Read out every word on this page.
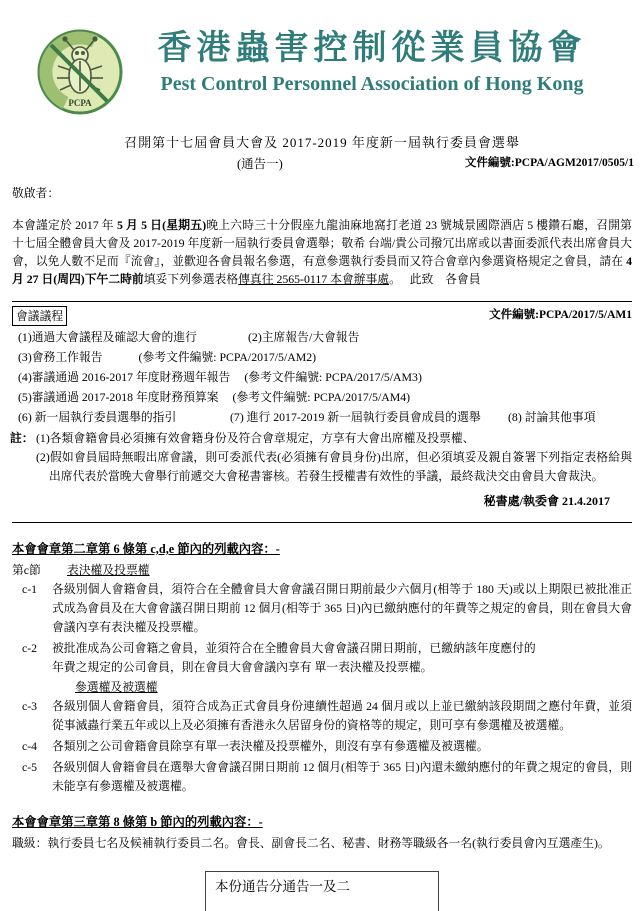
PCPA
香港蟲害控制從業員協會
Pest Control Personnel Association of Hong Kong
召開第十七屆會員大會及 2017-2019 年度新一屆執行委員會選舉
(通告一)	文件編號:PCPA/AGM2017/0505/1
敬啟者：
本會謹定於 2017 年 5 月 5 日(星期五)晚上六時三十分假座九龍油麻地窩打老道 23 號城景國際酒店 5 樓鑽石廳，召開第十七屆全體會員大會及 2017-2019 年度新一屆執行委員會選舉；敬希 台端/貴公司撥冗出席或以書面委派代表出席會員大會，以免人數不足而『流會』，並歡迎各會員報名參選，有意參選執行委員而又符合會章內參選資格規定之會員，請在 4 月 27 日(周四)下午二時前填妥下列參選表格傳真往 2565-0117 本會辦事處。　 此致　各會員
會議議程	文件編號:PCPA/2017/5/AM1
(1)通過大會議程及確認大會的進行	(2)主席報告/大會報告
(3)會務工作報告	(參考文件編號: PCPA/2017/5/AM2)
(4)審議通過 2016-2017 年度財務週年報告 (參考文件編號: PCPA/2017/5/AM3)
(5)審議通過 2017-2018 年度財務預算案 (參考文件編號: PCPA/2017/5/AM4)
(6) 新一屆執行委員選舉的指引	(7) 進行 2017-2019 新一屆執行委員會成員的選舉	(8) 討論其他事項
註： (1)各類會籍會員必須擁有效會籍身份及符合會章規定，方享有大會出席權及投票權、
(2)假如會員屆時無暇出席會議，則可委派代表(必須擁有會員身份)出席，但必須填妥及親自簽署下列指定表格給與出席代表於當晚大會舉行前遞交大會秘書審核。若發生授權書有效性的爭議，最終裁決交由會員大會裁決。
秘書處/執委會 21.4.2017
本會會章第二章第 6 條第 c,d,e 節內的列載內容：-
第c節 表決權及投票權
c-1	各級別個人會籍會員，須符合在全體會員大會會議召開日期前最少六個月(相等于 180 天)或以上期限已被批准正式成為會員及在大會會議召開日期前 12 個月(相等于 365 日)內已繳納應付的年費等之規定的會員，則在會員大會會議內享有表決權及投票權。
c-2	被批准成為公司會籍之會員，並須符合在全體會員大會會議召開日期前，已繳納該年度應付的
年費之規定的公司會員，則在會員大會會議內享有 單一表決權及投票權。
參選權及被選權
c-3	各級別個人會籍會員，須符合成為正式會員身份連續性超過 24 個月或以上並已繳納該段期間之應付年費，並須從事滅蟲行業五年或以上及必須擁有香港永久居留身份的資格等的規定，則可享有參選權及被選權。
c-4	各類別之公司會籍會員除享有單一表決權及投票權外，則沒有享有參選權及被選權。
c-5	各級別個人會籍會員在選舉大會會議召開日期前 12 個月(相等于 365 日)內還未繳納應付的年費之規定的會員，則未能享有參選權及被選權。
本會會章第三章第 8 條第 b 節內的列載內容：-
職級：執行委員七名及候補執行委員二名。會長、副會長二名、秘書、財務等職級各一名(執行委員會內互選產生)。
本份通告分通告一及二
